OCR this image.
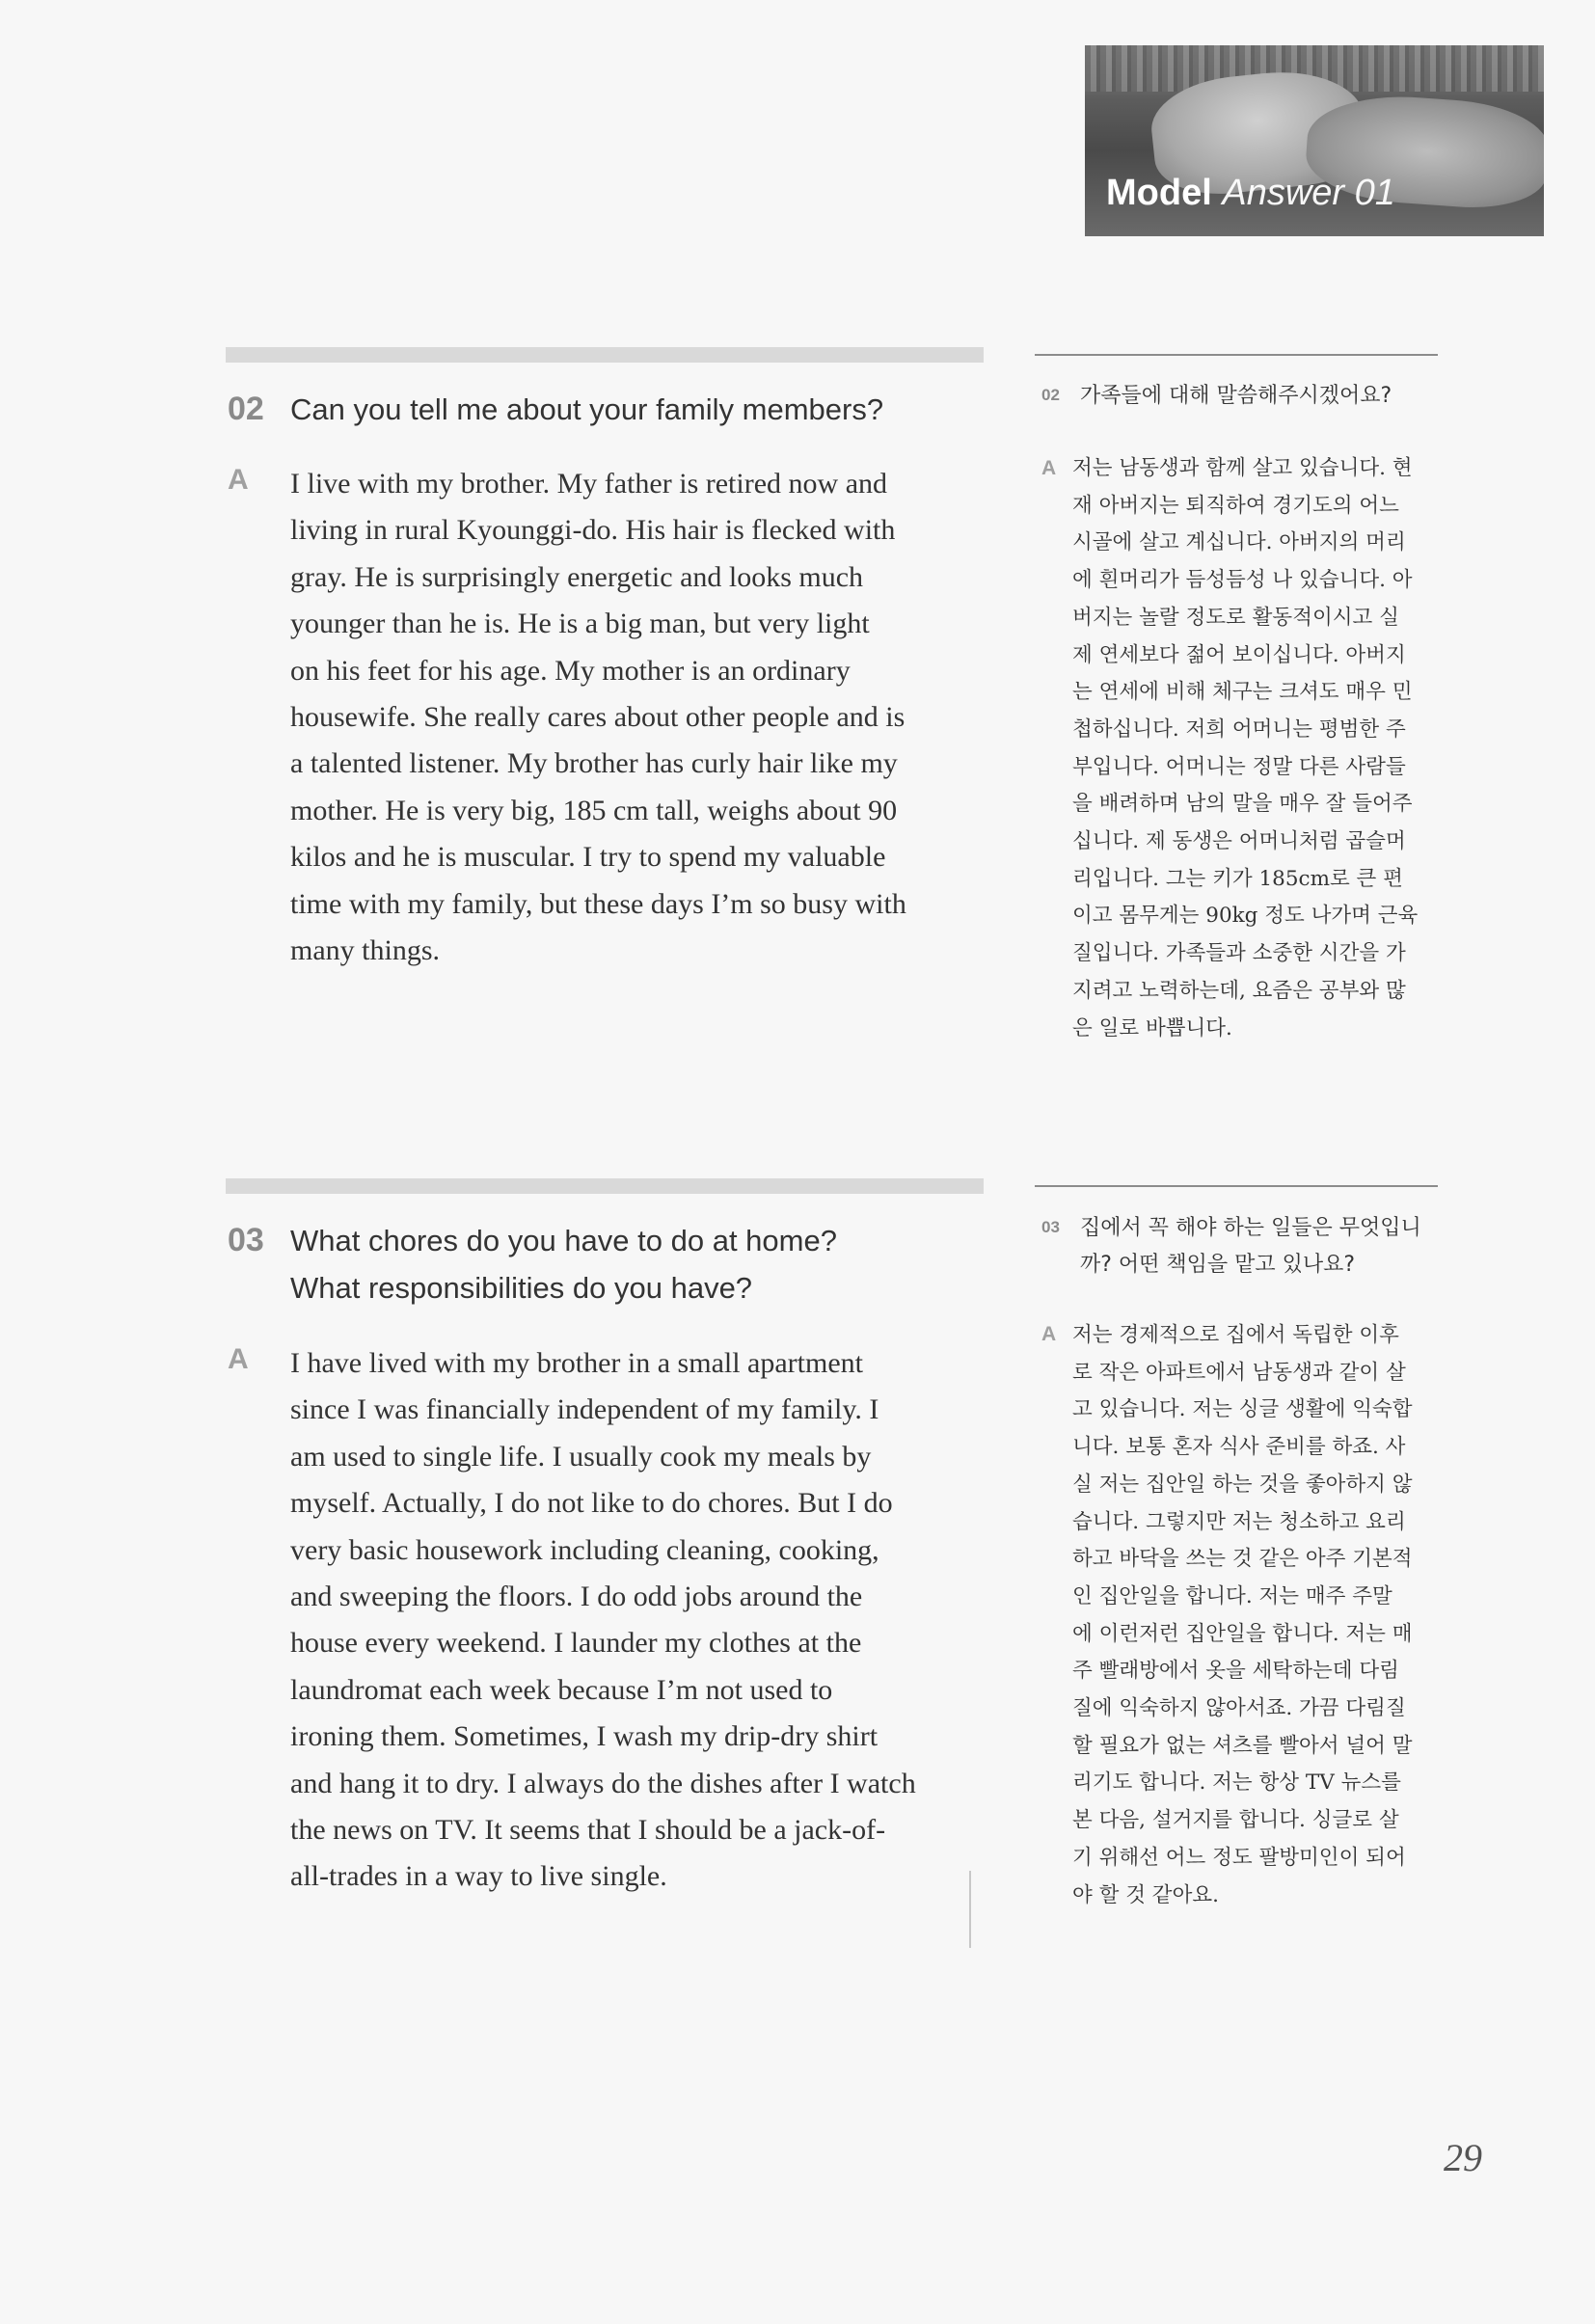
Model Answer 01
02 Can you tell me about your family members?
A I live with my brother. My father is retired now and
living in rural Kyounggi-do. His hair is flecked with
gray. He is surprisingly energetic and looks much
younger than he is. He is a big man, but very light
on his feet for his age. My mother is an ordinary
housewife. She really cares about other people and is
a talented listener. My brother has curly hair like my
mother. He is very big, 185 cm tall, weighs about 90
kilos and he is muscular. I try to spend my valuable
time with my family, but these days I’m so busy with
many things.
02 가족들에 대해 말씀해주시겠어요?
A 저는 남동생과 함께 살고 있습니다. 현
재 아버지는 퇴직하여 경기도의 어느
시골에 살고 계십니다. 아버지의 머리
에 흰머리가 듬성듬성 나 있습니다. 아
버지는 놀랄 정도로 활동적이시고 실
제 연세보다 젊어 보이십니다. 아버지
는 연세에 비해 체구는 크셔도 매우 민
첩하십니다. 저희 어머니는 평범한 주
부입니다. 어머니는 정말 다른 사람들
을 배려하며 남의 말을 매우 잘 들어주
십니다. 제 동생은 어머니처럼 곱슬머
리입니다. 그는 키가 185cm로 큰 편
이고 몸무게는 90kg 정도 나가며 근육
질입니다. 가족들과 소중한 시간을 가
지려고 노력하는데, 요즘은 공부와 많
은 일로 바쁩니다.
03 What chores do you have to do at home?
What responsibilities do you have?
A I have lived with my brother in a small apartment
since I was financially independent of my family. I
am used to single life. I usually cook my meals by
myself. Actually, I do not like to do chores. But I do
very basic housework including cleaning, cooking,
and sweeping the floors. I do odd jobs around the
house every weekend. I launder my clothes at the
laundromat each week because I’m not used to
ironing them. Sometimes, I wash my drip-dry shirt
and hang it to dry. I always do the dishes after I watch
the news on TV. It seems that I should be a jack-of-
all-trades in a way to live single.
03 집에서 꼭 해야 하는 일들은 무엇입니
까? 어떤 책임을 맡고 있나요?
A 저는 경제적으로 집에서 독립한 이후
로 작은 아파트에서 남동생과 같이 살
고 있습니다. 저는 싱글 생활에 익숙합
니다. 보통 혼자 식사 준비를 하죠. 사
실 저는 집안일 하는 것을 좋아하지 않
습니다. 그렇지만 저는 청소하고 요리
하고 바닥을 쓰는 것 같은 아주 기본적
인 집안일을 합니다. 저는 매주 주말
에 이런저런 집안일을 합니다. 저는 매
주 빨래방에서 옷을 세탁하는데 다림
질에 익숙하지 않아서죠. 가끔 다림질
할 필요가 없는 셔츠를 빨아서 널어 말
리기도 합니다. 저는 항상 TV 뉴스를
본 다음, 설거지를 합니다. 싱글로 살
기 위해선 어느 정도 팔방미인이 되어
야 할 것 같아요.
29
